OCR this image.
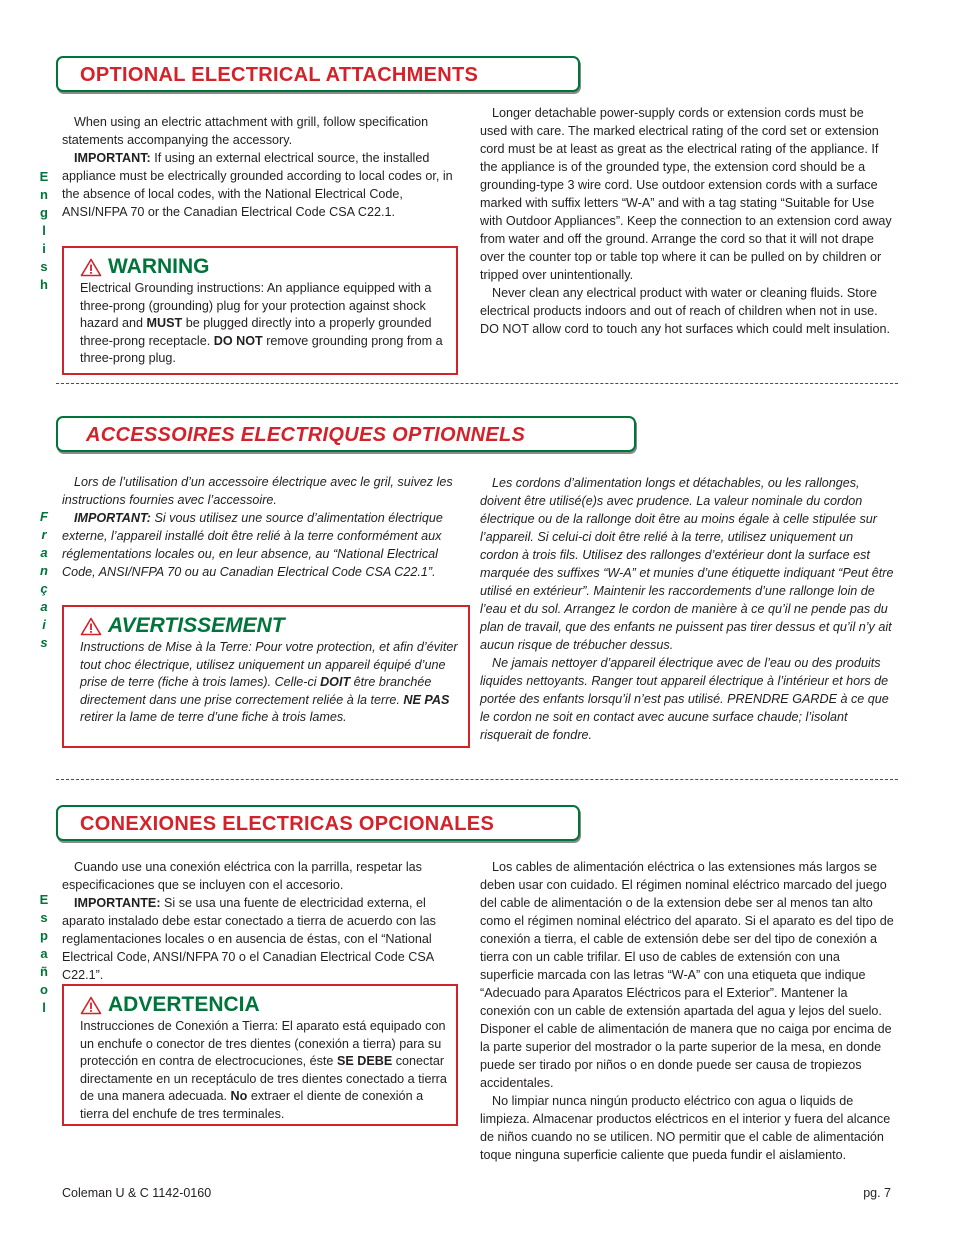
OPTIONAL ELECTRICAL ATTACHMENTS
E
n
g
l
i
s
h

When using an electric attachment with grill, follow specification statements accompanying the accessory.

IMPORTANT: If using an external electrical source, the installed appliance must be electrically grounded according to local codes or, in the absence of local codes, with the National Electrical Code, ANSI/NFPA 70 or the Canadian Electrical Code CSA C22.1.

WARNING
Electrical Grounding instructions: An appliance equipped with a three-prong (grounding) plug for your protection against shock hazard and MUST be plugged directly into a properly grounded three-prong receptacle. DO NOT remove grounding prong from a three-prong plug.

Longer detachable power-supply cords or extension cords must be used with care. The marked electrical rating of the cord set or extension cord must be at least as great as the electrical rating of the appliance. If the appliance is of the grounded type, the extension cord should be a grounding-type 3 wire cord. Use outdoor extension cords with a surface marked with suffix letters “W-A” and with a tag stating “Suitable for Use with Outdoor Appliances”. Keep the connection to an extension cord away from water and off the ground. Arrange the cord so that it will not drape over the counter top or table top where it can be pulled on by children or tripped over unintentionally.

Never clean any electrical product with water or cleaning fluids. Store electrical products indoors and out of reach of children when not in use. DO NOT allow cord to touch any hot surfaces which could melt insulation.

ACCESSOIRES ELECTRIQUES OPTIONNELS
F
r
a
n
ç
a
i
s

Lors de l’utilisation d’un accessoire électrique avec le gril, suivez les instructions fournies avec l’accessoire.

IMPORTANT: Si vous utilisez une source d’alimentation électrique externe, l’appareil installé doit être relié à la terre conformément aux réglementations locales ou, en leur absence, au “National Electrical Code, ANSI/NFPA 70 ou au Canadian Electrical Code CSA C22.1”.

AVERTISSEMENT
Instructions de Mise à la Terre: Pour votre protection, et afin d’éviter tout choc électrique, utilisez uniquement un appareil équipé d’une prise de terre (fiche à trois lames). Celle-ci DOIT être branchée directement dans une prise correctement reliée à la terre. NE PAS retirer la lame de terre d’une fiche à trois lames.

Les cordons d’alimentation longs et détachables, ou les rallonges, doivent être utilisé(e)s avec prudence. La valeur nominale du cordon électrique ou de la rallonge doit être au moins égale à celle stipulée sur l’appareil. Si celui-ci doit être relié à la terre, utilisez uniquement un cordon à trois fils. Utilisez des rallonges d’extérieur dont la surface est marquée des suffixes “W-A” et munies d’une étiquette indiquant “Peut être utilisé en extérieur”. Maintenir les raccordements d’une rallonge loin de l’eau et du sol. Arrangez le cordon de manière à ce qu’il ne pende pas du plan de travail, que des enfants ne puissent pas tirer dessus et qu’il n’y ait aucun risque de trébucher dessus.

Ne jamais nettoyer d’appareil électrique avec de l’eau ou des produits liquides nettoyants. Ranger tout appareil électrique à l’intérieur et hors de portée des enfants lorsqu’il n’est pas utilisé. PRENDRE GARDE à ce que le cordon ne soit en contact avec aucune surface chaude; l’isolant risquerait de fondre.

CONEXIONES ELECTRICAS OPCIONALES
E
s
p
a
ñ
o
l

Cuando use una conexión eléctrica con la parrilla, respetar las especificaciones que se incluyen con el accesorio.

IMPORTANTE: Si se usa una fuente de electricidad externa, el aparato instalado debe estar conectado a tierra de acuerdo con las reglamentaciones locales o en ausencia de éstas, con el “National Electrical Code, ANSI/NFPA 70 o el Canadian Electrical Code CSA C22.1”.

ADVERTENCIA
Instrucciones de Conexión a Tierra: El aparato está equipado con un enchufe o conector de tres dientes (conexión a tierra) para su protección en contra de electrocuciones, éste SE DEBE conectar directamente en un receptáculo de tres dientes conectado a tierra de una manera adecuada. No extraer el diente de conexión a tierra del enchufe de tres terminales.

Los cables de alimentación eléctrica o las extensiones más largos se deben usar con cuidado. El régimen nominal eléctrico marcado del juego del cable de alimentación o de la extension debe ser al menos tan alto como el régimen nominal eléctrico del aparato. Si el aparato es del tipo de conexión a tierra, el cable de extensión debe ser del tipo de conexión a tierra con un cable trifilar. El uso de cables de extensión con una superficie marcada con las letras “W-A” con una etiqueta que indique “Adecuado para Aparatos Eléctricos para el Exterior”. Mantener la conexión con un cable de extensión apartada del agua y lejos del suelo. Disponer el cable de alimentación de manera que no caiga por encima de la parte superior del mostrador o la parte superior de la mesa, en donde puede ser tirado por niños o en donde puede ser causa de tropiezos accidentales.

No limpiar nunca ningún producto eléctrico con agua o liquids de limpieza. Almacenar productos eléctricos en el interior y fuera del alcance de niños cuando no se utilicen. NO permitir que el cable de alimentación toque ninguna superficie caliente que pueda fundir el aislamiento.

Coleman U & C 1142-0160	pg. 7
